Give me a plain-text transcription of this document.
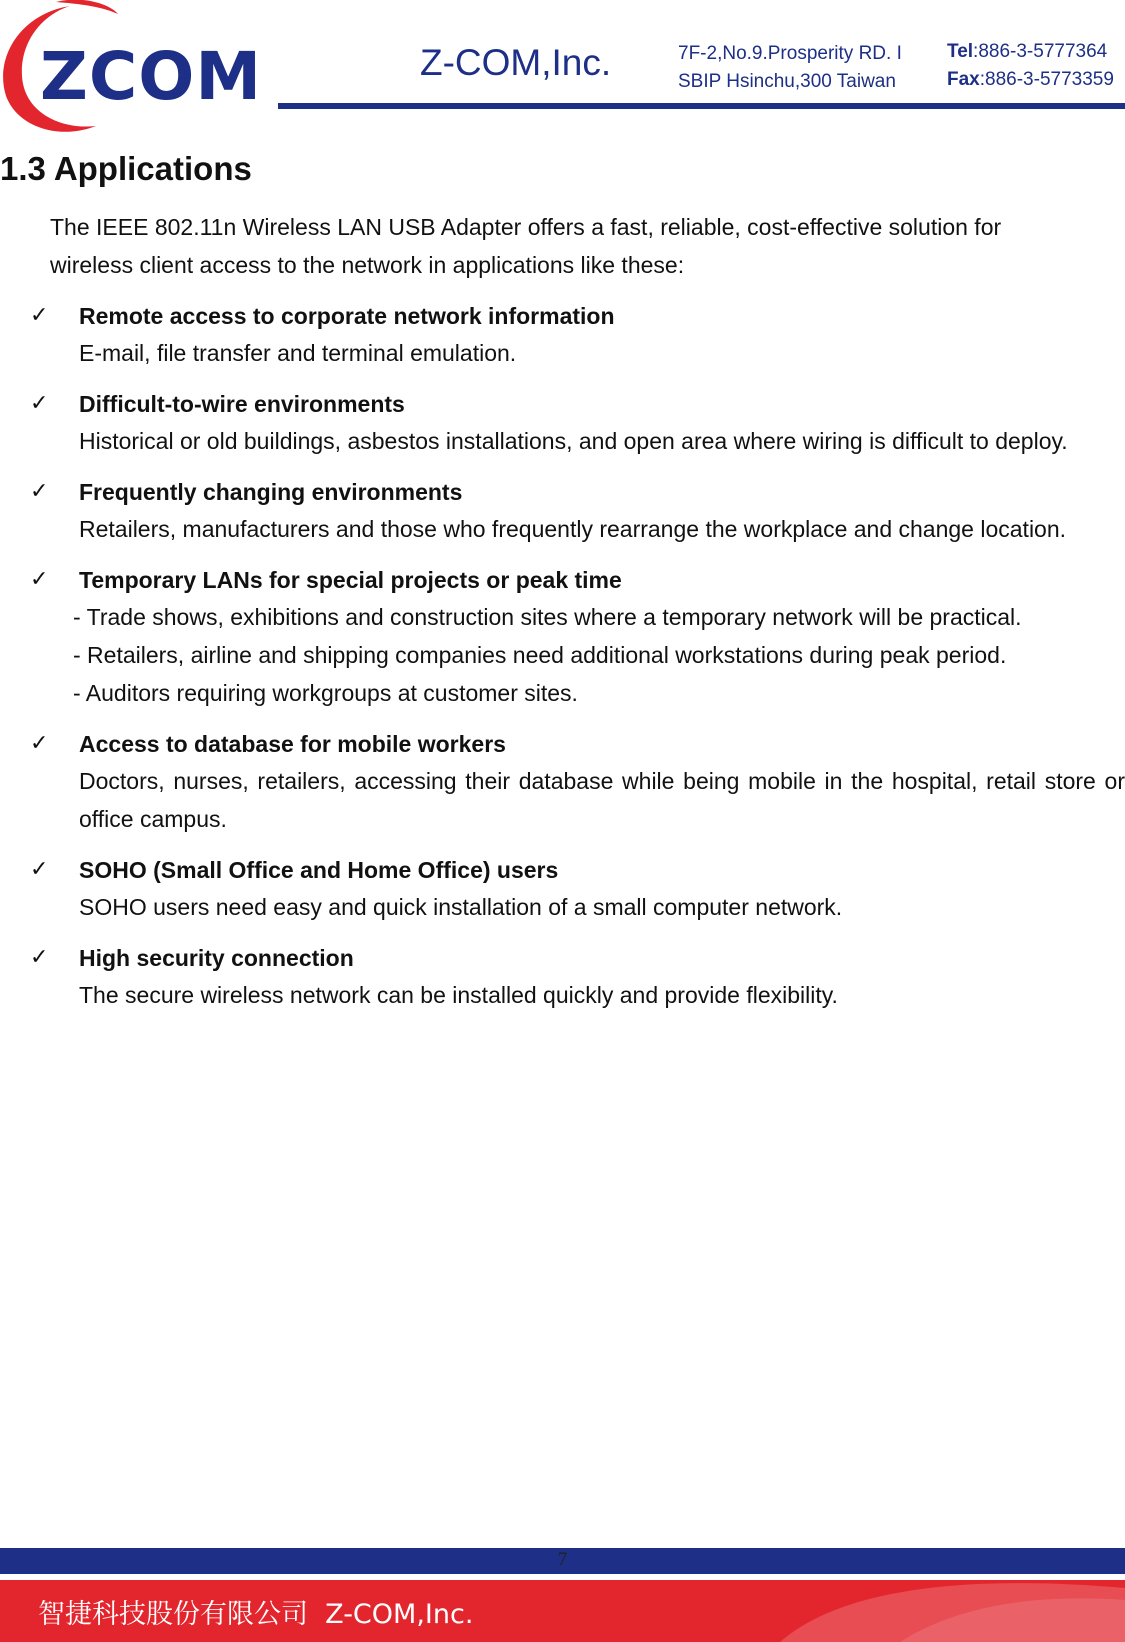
ZCOM	Z-COM,Inc.	7F-2,No.9.Prosperity RD. I
SBIP Hsinchu,300 Taiwan
Tel:886-3-5777364
Fax:886-3-5773359
1.3 Applications
The IEEE 802.11n Wireless LAN USB Adapter offers a fast, reliable, cost-effective solution for wireless client access to the network in applications like these:
✓ Remote access to corporate network information
E-mail, file transfer and terminal emulation.
✓ Difficult-to-wire environments
Historical or old buildings, asbestos installations, and open area where wiring is difficult to deploy.
✓ Frequently changing environments
Retailers, manufacturers and those who frequently rearrange the workplace and change location.
✓ Temporary LANs for special projects or peak time
- Trade shows, exhibitions and construction sites where a temporary network will be practical.
- Retailers, airline and shipping companies need additional workstations during peak period.
- Auditors requiring workgroups at customer sites.
✓ Access to database for mobile workers
Doctors, nurses, retailers, accessing their database while being mobile in the hospital, retail store or office campus.
✓ SOHO (Small Office and Home Office) users
SOHO users need easy and quick installation of a small computer network.
✓ High security connection
The secure wireless network can be installed quickly and provide flexibility.
7
智捷科技股份有限公司 Z-COM,Inc.
